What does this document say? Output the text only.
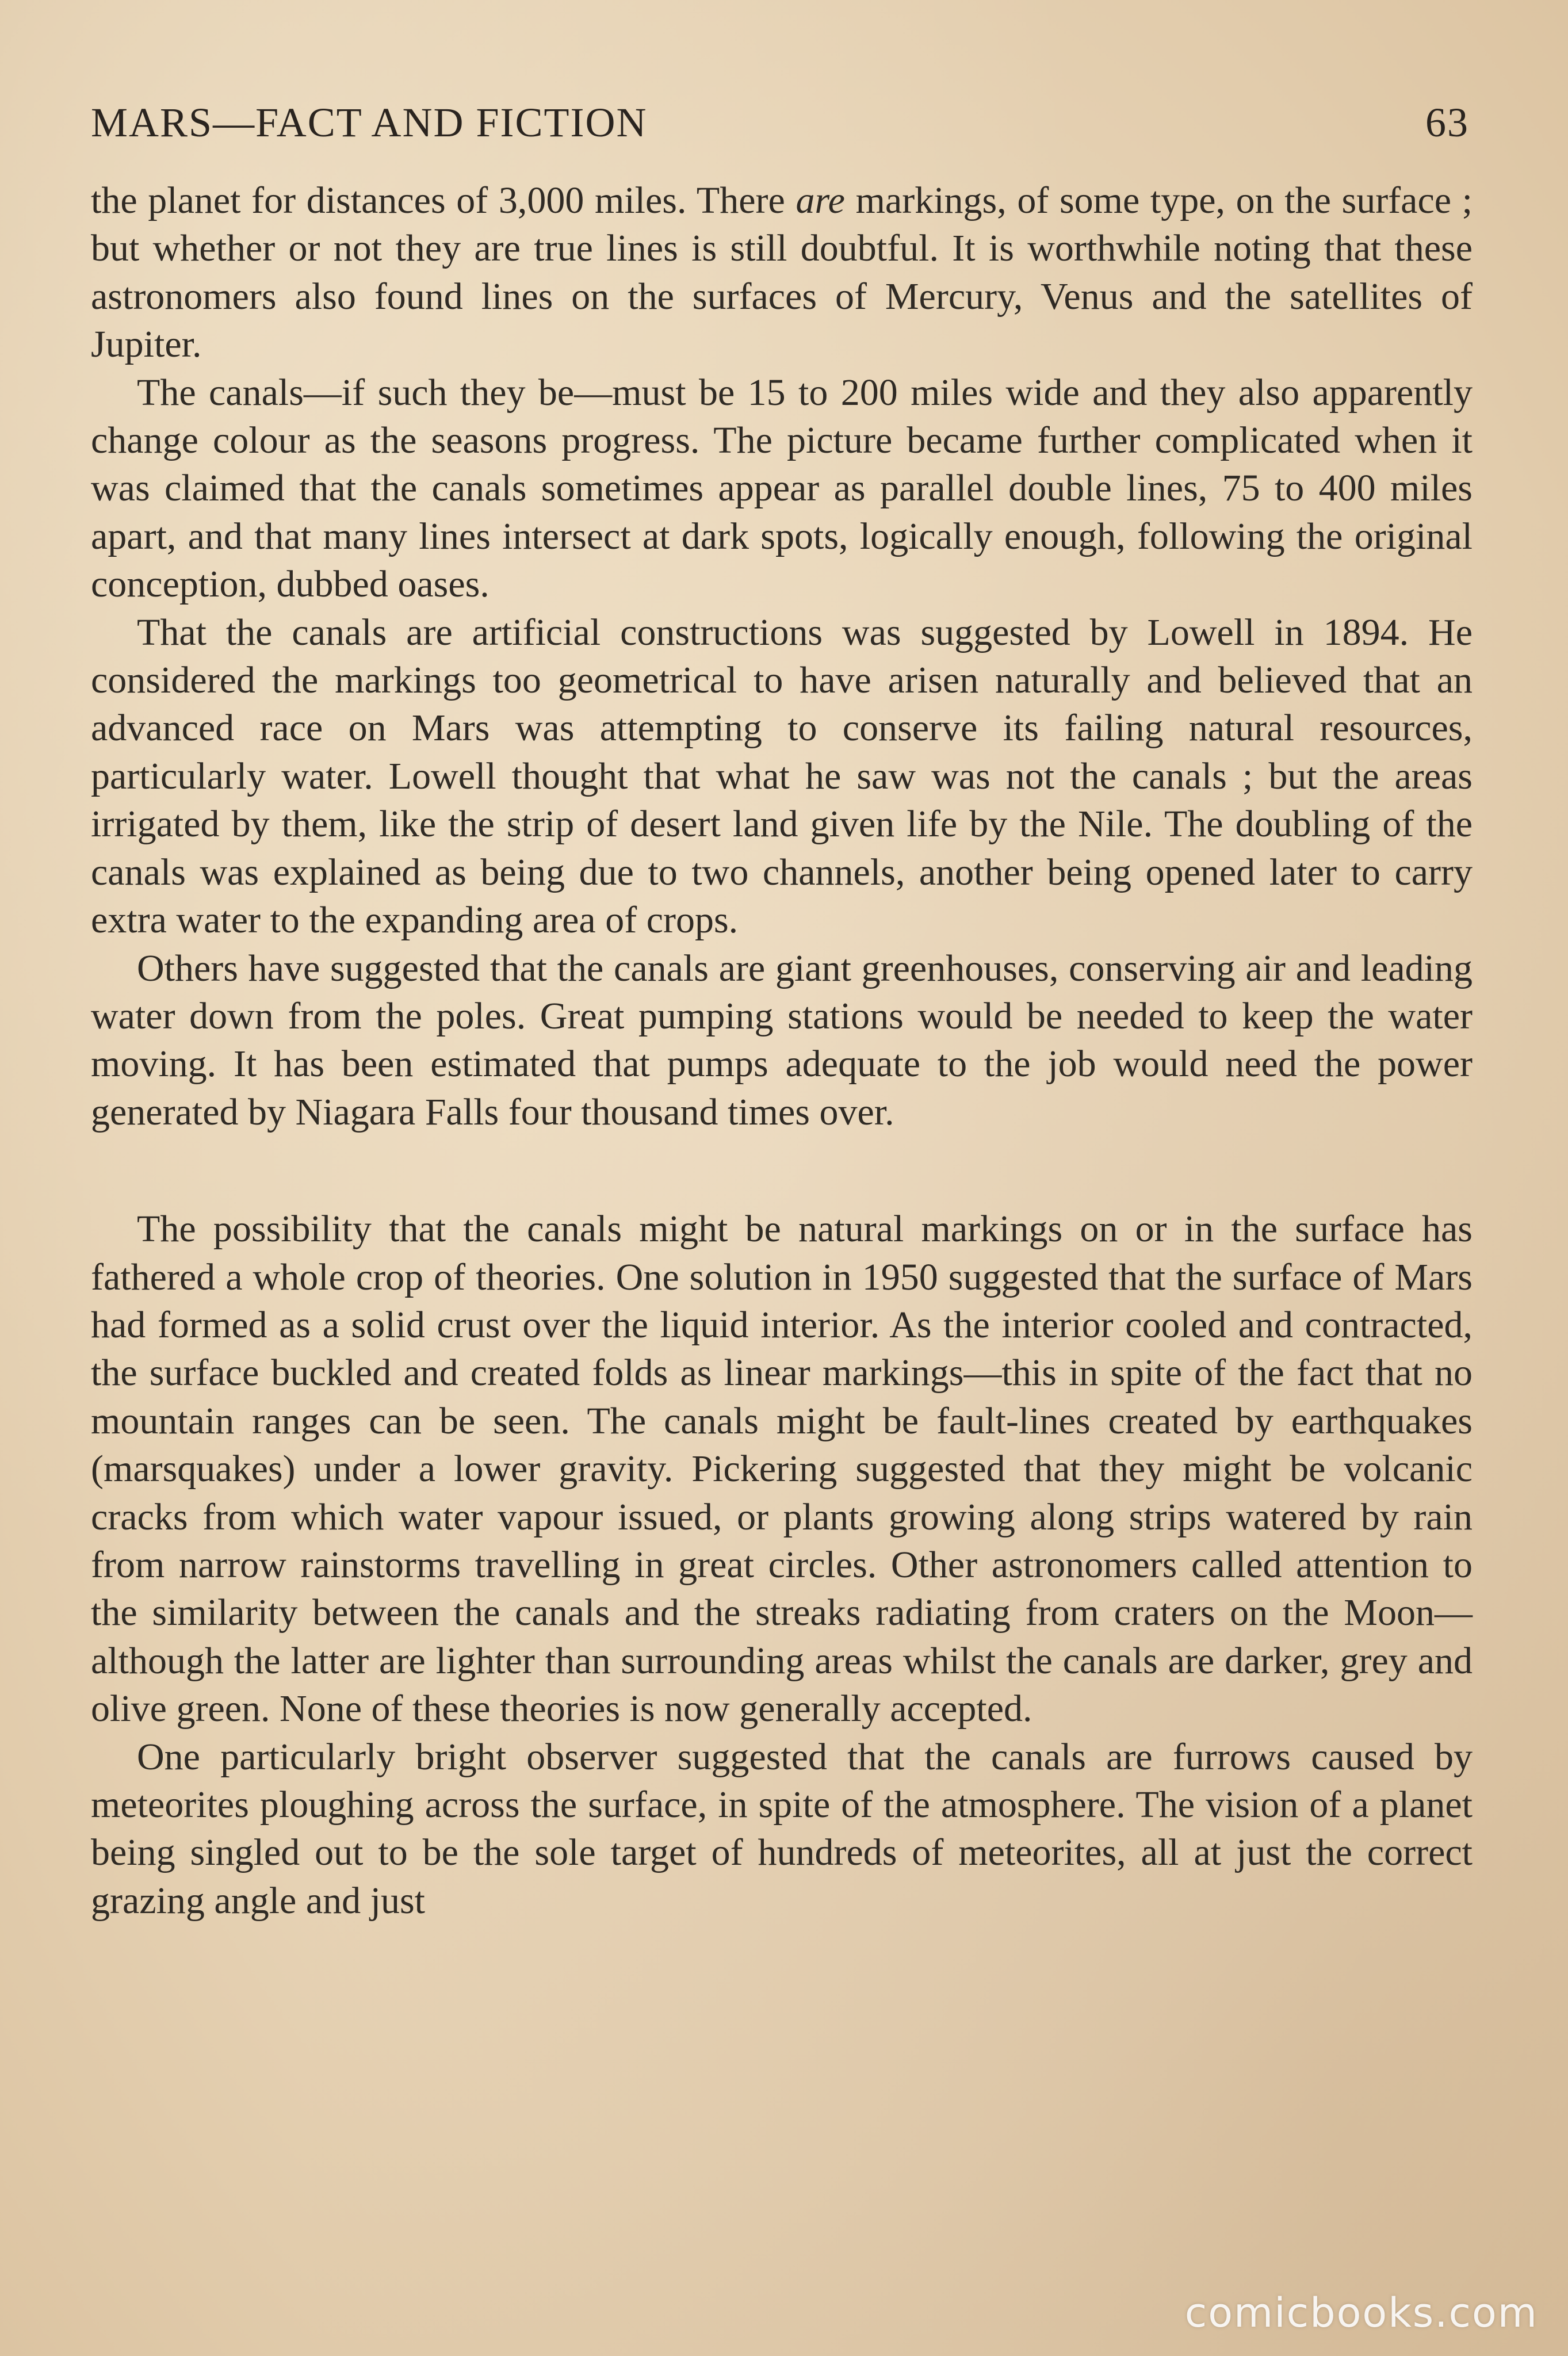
MARS—FACT AND FICTION	63

the planet for distances of 3,000 miles. There are markings, of some type, on the surface ; but whether or not they are true lines is still doubtful. It is worthwhile noting that these astronomers also found lines on the surfaces of Mercury, Venus and the satellites of Jupiter.

The canals—if such they be—must be 15 to 200 miles wide and they also apparently change colour as the seasons progress. The picture became further complicated when it was claimed that the canals sometimes appear as parallel double lines, 75 to 400 miles apart, and that many lines intersect at dark spots, logically enough, following the original conception, dubbed oases.

That the canals are artificial constructions was suggested by Lowell in 1894. He considered the markings too geometrical to have arisen naturally and believed that an advanced race on Mars was attempting to conserve its failing natural resources, particularly water. Lowell thought that what he saw was not the canals ; but the areas irrigated by them, like the strip of desert land given life by the Nile. The doubling of the canals was explained as being due to two channels, another being opened later to carry extra water to the expanding area of crops.

Others have suggested that the canals are giant greenhouses, conserving air and leading water down from the poles. Great pumping stations would be needed to keep the water moving. It has been estimated that pumps adequate to the job would need the power generated by Niagara Falls four thousand times over.

The possibility that the canals might be natural markings on or in the surface has fathered a whole crop of theories. One solution in 1950 suggested that the surface of Mars had formed as a solid crust over the liquid interior. As the interior cooled and contracted, the surface buckled and created folds as linear markings—this in spite of the fact that no mountain ranges can be seen. The canals might be fault-lines created by earthquakes (marsquakes) under a lower gravity. Pickering suggested that they might be volcanic cracks from which water vapour issued, or plants growing along strips watered by rain from narrow rainstorms travelling in great circles. Other astronomers called attention to the similarity between the canals and the streaks radiating from craters on the Moon—although the latter are lighter than surrounding areas whilst the canals are darker, grey and olive green. None of these theories is now generally accepted.

One particularly bright observer suggested that the canals are furrows caused by meteorites ploughing across the surface, in spite of the atmosphere. The vision of a planet being singled out to be the sole target of hundreds of meteorites, all at just the correct grazing angle and just

comicbooks.com
